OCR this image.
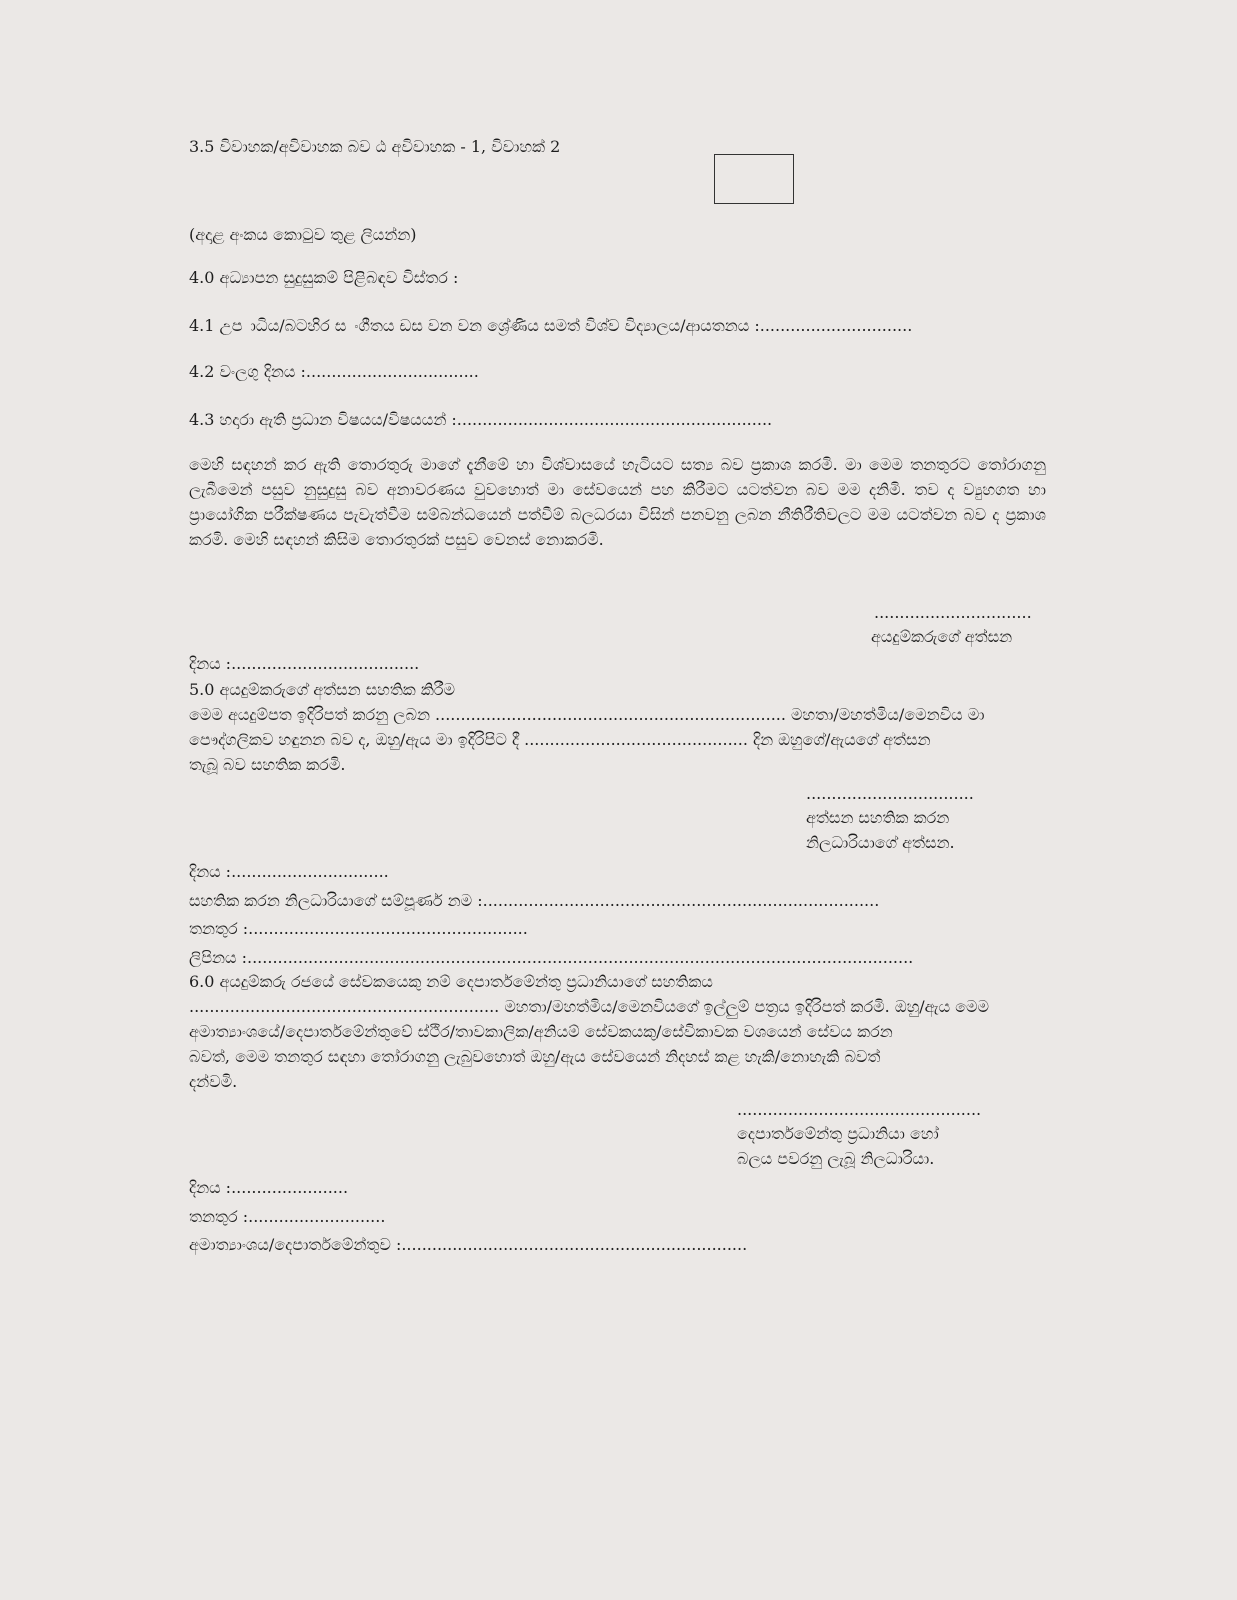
3.5 විවාහක/අවිවාහක බව ඨ අවිවාහක - 1, විවාහක් 2
(අදාළ අංකය කොටුව තුළ ලියන්න)
4.0 අධ්‍යාපන සුදුසුකම් පිළිබඳව විස්තර :
4.1 උප ාධිය/බටහිර ස ංගීතය ඩස වන වන ශ්‍රේණිය සමත් විශ්ව විද්‍යාලය/ආයතනය :..............................
4.2 වංලගු දිනය :..................................
4.3 හදාරා ඇති ප්‍රධාන විෂයය/විෂයයන් :..............................................................
මෙහි සඳහන් කර ඇති තොරතුරු මාගේ දැනීමේ හා විශ්වාසයේ හැටියට සත්‍ය බව ප්‍රකාශ කරමි. මා මෙම තනතුරට තෝරාගනු ලැබීමෙන් පසුව නුසුදුසු බව අනාවරණය වුවහොත් මා සේවයෙන් පහ කිරීමට යටත්වන බව මම දනිමි. තව ද ව්‍යුහගත හා ප්‍රායෝගික පරීක්ෂණය පැවැත්වීම සම්බන්ධයෙන් පත්වීම් බලධරයා විසින් පනවනු ලබන නීතිරීතිවලට මම යටත්වන බව ද ප්‍රකාශ කරමි. මෙහි සඳහන් කිසිම තොරතුරක් පසුව වෙනස් නොකරමි.
...............................
අයදුම්කරුගේ අත්සන
දිනය :.....................................
5.0 අයදුම්කරුගේ අත්සන සහතික කිරීම
මෙම අයදුම්පත ඉදිරිපත් කරනු ලබන ..................................................................... මහතා/මහත්මිය/මෙනවිය මා
පෞද්ගලිකව හඳුනන බව ද, ඔහු/ඇය මා ඉදිරිපිට දී ............................................ දින ඔහුගේ/ඇයගේ අත්සන
තැබූ බව සහතික කරමි.
.................................
අත්සන සහතික කරන
නිලධාරියාගේ අත්සන.
දිනය :...............................
සහතික කරන නිලධාරියාගේ සම්පූර්ණ නම :..............................................................................
තනතුර :.......................................................
ලිපිනය :...................................................................................................................................
6.0 අයදුම්කරු රජයේ සේවකයෙකු නම් දෙපාර්තමේන්තු ප්‍රධානියාගේ සහතිකය
............................................................. මහතා/මහත්මිය/මෙනවියගේ ඉල්ලුම් පත්‍රය ඉදිරිපත් කරමි. ඔහු/ඇය මෙම
අමාත්‍යාංශයේ/දෙපාර්තමේන්තුවේ ස්ථිර/තාවකාලික/අනියම් සේවකයකු/සේවිකාවක වශයෙන් සේවය කරන
බවත්, මෙම තනතුර සඳහා තෝරාගනු ලැබුවහොත් ඔහු/ඇය සේවයෙන් නිදහස් කළ හැකි/නොහැකි බවත්
දන්වමි.
................................................
දෙපාර්තමේන්තු ප්‍රධානියා හෝ
බලය පවරනු ලැබූ නිලධාරියා.
දිනය :.......................
තනතුර :...........................
අමාත්‍යාංශය/දෙපාර්තමේන්තුව :....................................................................
